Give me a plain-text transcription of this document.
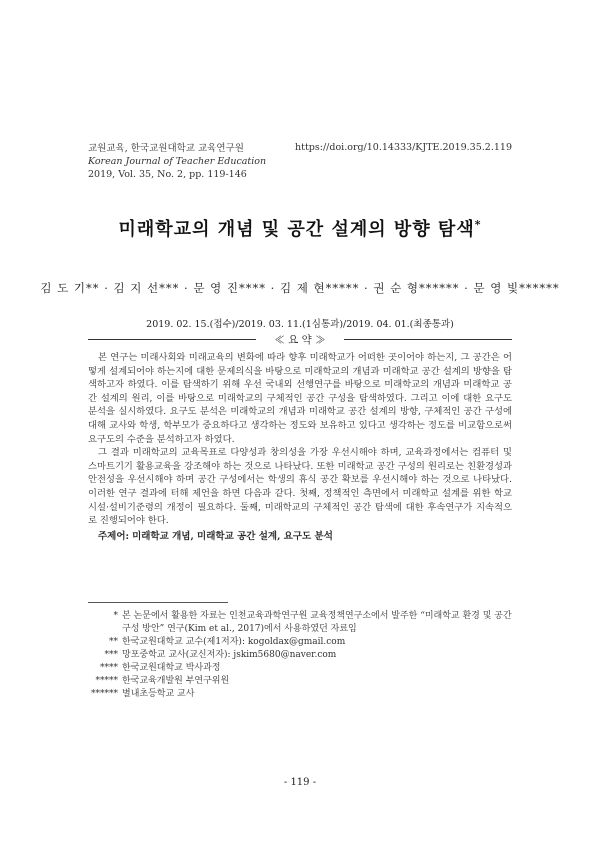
교원교육, 한국교원대학교 교육연구원
Korean Journal of Teacher Education
2019, Vol. 35, No. 2, pp. 119-146
https://doi.org/10.14333/KJTE.2019.35.2.119
미래학교의 개념 및 공간 설계의 방향 탐색*
김 도 기** · 김 지 선*** · 문 영 진**** · 김 제 현***** · 권 순 형****** · 문 영 빛******
2019. 02. 15.(접수)/2019. 03. 11.(1심통과)/2019. 04. 01.(최종통과)
≪ 요 약 ≫

본 연구는 미래사회와 미래교육의 변화에 따라 향후 미래학교가 어떠한 곳이어야 하는지, 그 공간은 어떻게 설계되어야 하는지에 대한 문제의식을 바탕으로 미래학교의 개념과 미래학교 공간 설계의 방향을 탐색하고자 하였다. 이를 탐색하기 위해 우선 국내외 선행연구를 바탕으로 미래학교의 개념과 미래학교 공간 설계의 원리, 이를 바탕으로 미래학교의 구체적인 공간 구성을 탐색하였다. 그리고 이에 대한 요구도 분석을 실시하였다. 요구도 분석은 미래학교의 개념과 미래학교 공간 설계의 방향, 구체적인 공간 구성에 대해 교사와 학생, 학부모가 중요하다고 생각하는 정도와 보유하고 있다고 생각하는 정도를 비교함으로써 요구도의 수준을 분석하고자 하였다.

그 결과 미래학교의 교육목표로 다양성과 창의성을 가장 우선시해야 하며, 교육과정에서는 컴퓨터 및 스마트기기 활용교육을 강조해야 하는 것으로 나타났다. 또한 미래학교 공간 구성의 원리로는 친환경성과 안전성을 우선시해야 하며 공간 구성에서는 학생의 휴식 공간 확보를 우선시해야 하는 것으로 나타났다. 이러한 연구 결과에 터해 제언을 하면 다음과 같다. 첫째, 정책적인 측면에서 미래학교 설계를 위한 학교시설·설비기준령의 개정이 필요하다. 둘째, 미래학교의 구체적인 공간 탐색에 대한 후속연구가 지속적으로 진행되어야 한다.

주제어: 미래학교 개념, 미래학교 공간 설계, 요구도 분석
* 본 논문에서 활용한 자료는 인천교육과학연구원 교육정책연구소에서 발주한 “미래학교 환경 및 공간 구성 방안” 연구(Kim et al., 2017)에서 사용하였던 자료임
** 한국교원대학교 교수(제1저자): kogoldax@gmail.com
*** 망포중학교 교사(교신저자): jskim5680@naver.com
**** 한국교원대학교 박사과정
***** 한국교육개발원 부연구위원
****** 별내초등학교 교사
- 119 -
